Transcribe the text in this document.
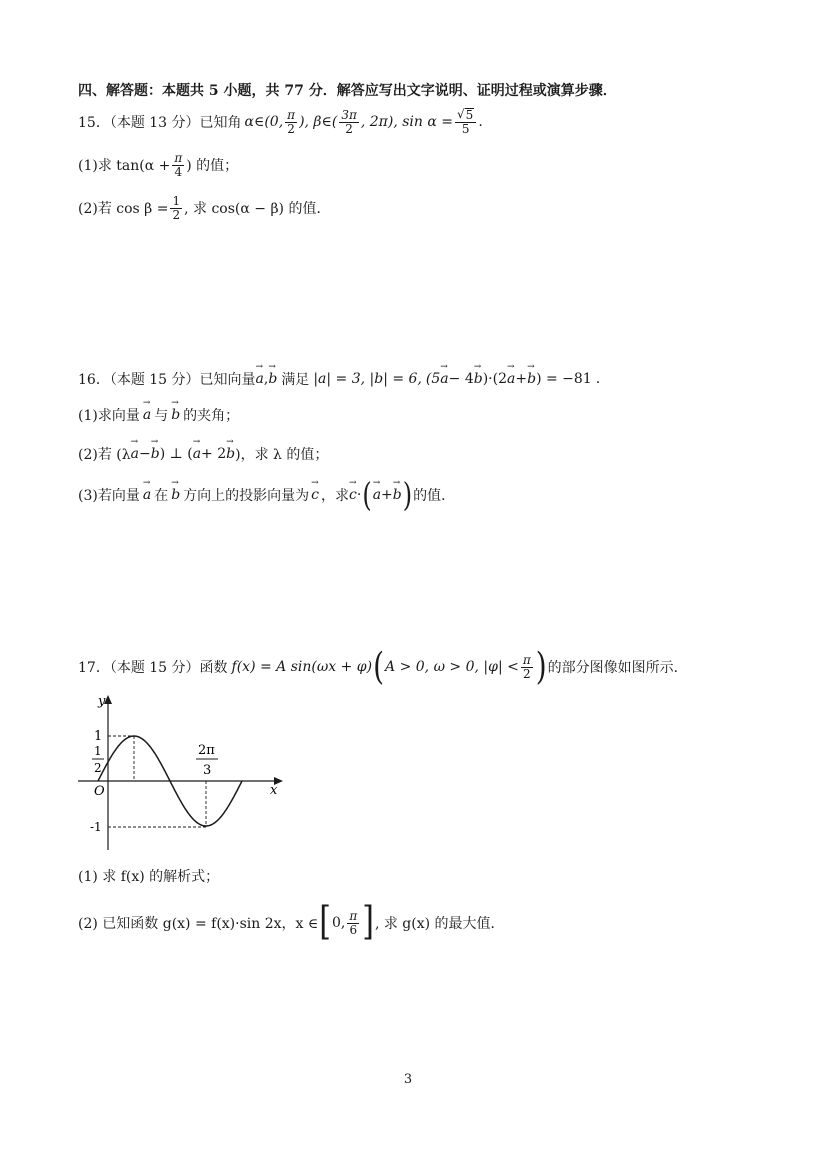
四、解答题：本题共 5 小题，共 77 分．解答应写出文字说明、证明过程或演算步骤．
15．（本题 13 分）已知角 α∈(0, $\frac{\pi}{2}$ ), β∈( $\frac{3\pi}{2}$ , 2π), $\sin \alpha = \frac{√ 5}{5}$ .
(1)求 $\tan(\alpha + \frac{\pi}{4}$ ) 的值；
(2)若 $\cos \beta = \frac{1}{2}$ , 求 cos(α − β) 的值．
16．（本题 15 分）已知向量 → a , → b 满足 |a| = 3, |b| = 6, (5 → a − 4 → b )·(2 → a + → b ) = −81 .
(1)求向量 → a 与 → b 的夹角；
(2)若 (λ → a − → b ) ⊥ ( → a + 2 → b )，求 λ 的值；
(3)若向量 → a 在 → b 方向上的投影向量为 → c ，求 → c · ( → a + → b ) 的值．
17．（本题 15 分）函数 f(x) = A sin(ωx + φ) ( A > 0, ω > 0, $|\varphi| < \frac{\pi}{2}$ ) 的部分图像如图所示．
y
x
O
1
1
2
-1
2π
3
(1) 求 f(x) 的解析式；
(2) 已知函数 g(x) = f(x)·sin 2x，x ∈ [ 0, $\frac{\pi}{6}$ ] , 求 g(x) 的最大值．
3
